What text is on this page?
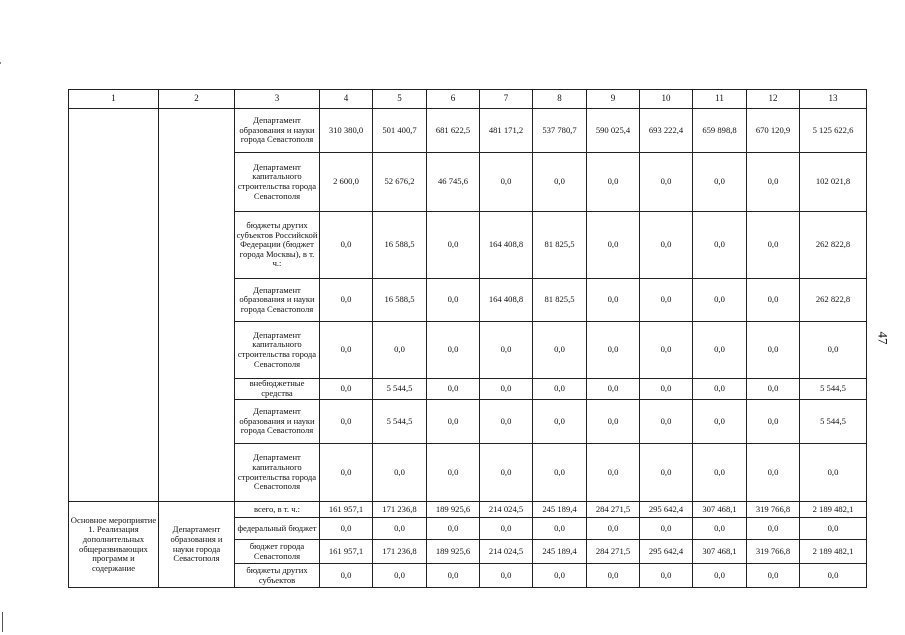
1	2	3	4	5	6	7	8	9	10	11	12	13
		Департамент образования и науки города Севастополя	310 380,0	501 400,7	681 622,5	481 171,2	537 780,7	590 025,4	693 222,4	659 898,8	670 120,9	5 125 622,6
		Департамент капитального строительства города Севастополя	2 600,0	52 676,2	46 745,6	0,0	0,0	0,0	0,0	0,0	0,0	102 021,8
		бюджеты других субъектов Российской Федерации (бюджет города Москвы), в т. ч.:	0,0	16 588,5	0,0	164 408,8	81 825,5	0,0	0,0	0,0	0,0	262 822,8
		Департамент образования и науки города Севастополя	0,0	16 588,5	0,0	164 408,8	81 825,5	0,0	0,0	0,0	0,0	262 822,8
		Департамент капитального строительства города Севастополя	0,0	0,0	0,0	0,0	0,0	0,0	0,0	0,0	0,0	0,0
		внебюджетные средства	0,0	5 544,5	0,0	0,0	0,0	0,0	0,0	0,0	0,0	5 544,5
		Департамент образования и науки города Севастополя	0,0	5 544,5	0,0	0,0	0,0	0,0	0,0	0,0	0,0	5 544,5
		Департамент капитального строительства города Севастополя	0,0	0,0	0,0	0,0	0,0	0,0	0,0	0,0	0,0	0,0
Основное мероприятие 1. Реализация дополнительных общеразвивающих программ и содержание	Департамент образования и науки города Севастополя	всего, в т. ч.:	161 957,1	171 236,8	189 925,6	214 024,5	245 189,4	284 271,5	295 642,4	307 468,1	319 766,8	2 189 482,1
		федеральный бюджет	0,0	0,0	0,0	0,0	0,0	0,0	0,0	0,0	0,0	0,0
		бюджет города Севастополя	161 957,1	171 236,8	189 925,6	214 024,5	245 189,4	284 271,5	295 642,4	307 468,1	319 766,8	2 189 482,1
		бюджеты других субъектов	0,0	0,0	0,0	0,0	0,0	0,0	0,0	0,0	0,0	0,0
47
